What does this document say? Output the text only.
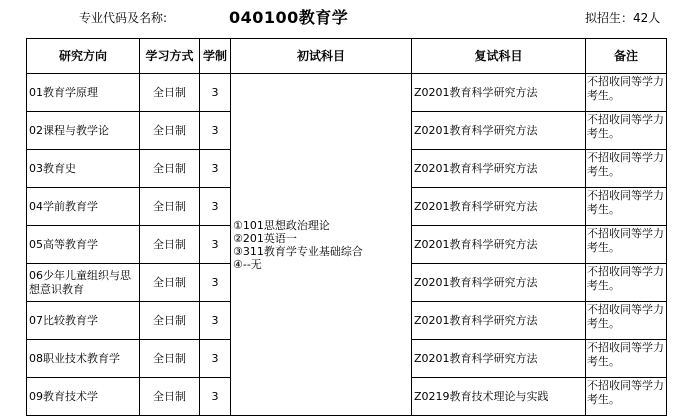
专业代码及名称:	040100教育学	拟招生：42人
研究方向	学习方式	学制	初试科目	复试科目	备注
01教育学原理	全日制	3	①101思想政治理论
②201英语一
③311教育学专业基础综合
④--无	Z0201教育科学研究方法	不招收同等学力考生。
02课程与教学论	全日制	3		Z0201教育科学研究方法	不招收同等学力考生。
03教育史	全日制	3		Z0201教育科学研究方法	不招收同等学力考生。
04学前教育学	全日制	3		Z0201教育科学研究方法	不招收同等学力考生。
05高等教育学	全日制	3		Z0201教育科学研究方法	不招收同等学力考生。
06少年儿童组织与思想意识教育	全日制	3		Z0201教育科学研究方法	不招收同等学力考生。
07比较教育学	全日制	3		Z0201教育科学研究方法	不招收同等学力考生。
08职业技术教育学	全日制	3		Z0201教育科学研究方法	不招收同等学力考生。
09教育技术学	全日制	3		Z0219教育技术理论与实践	不招收同等学力考生。
